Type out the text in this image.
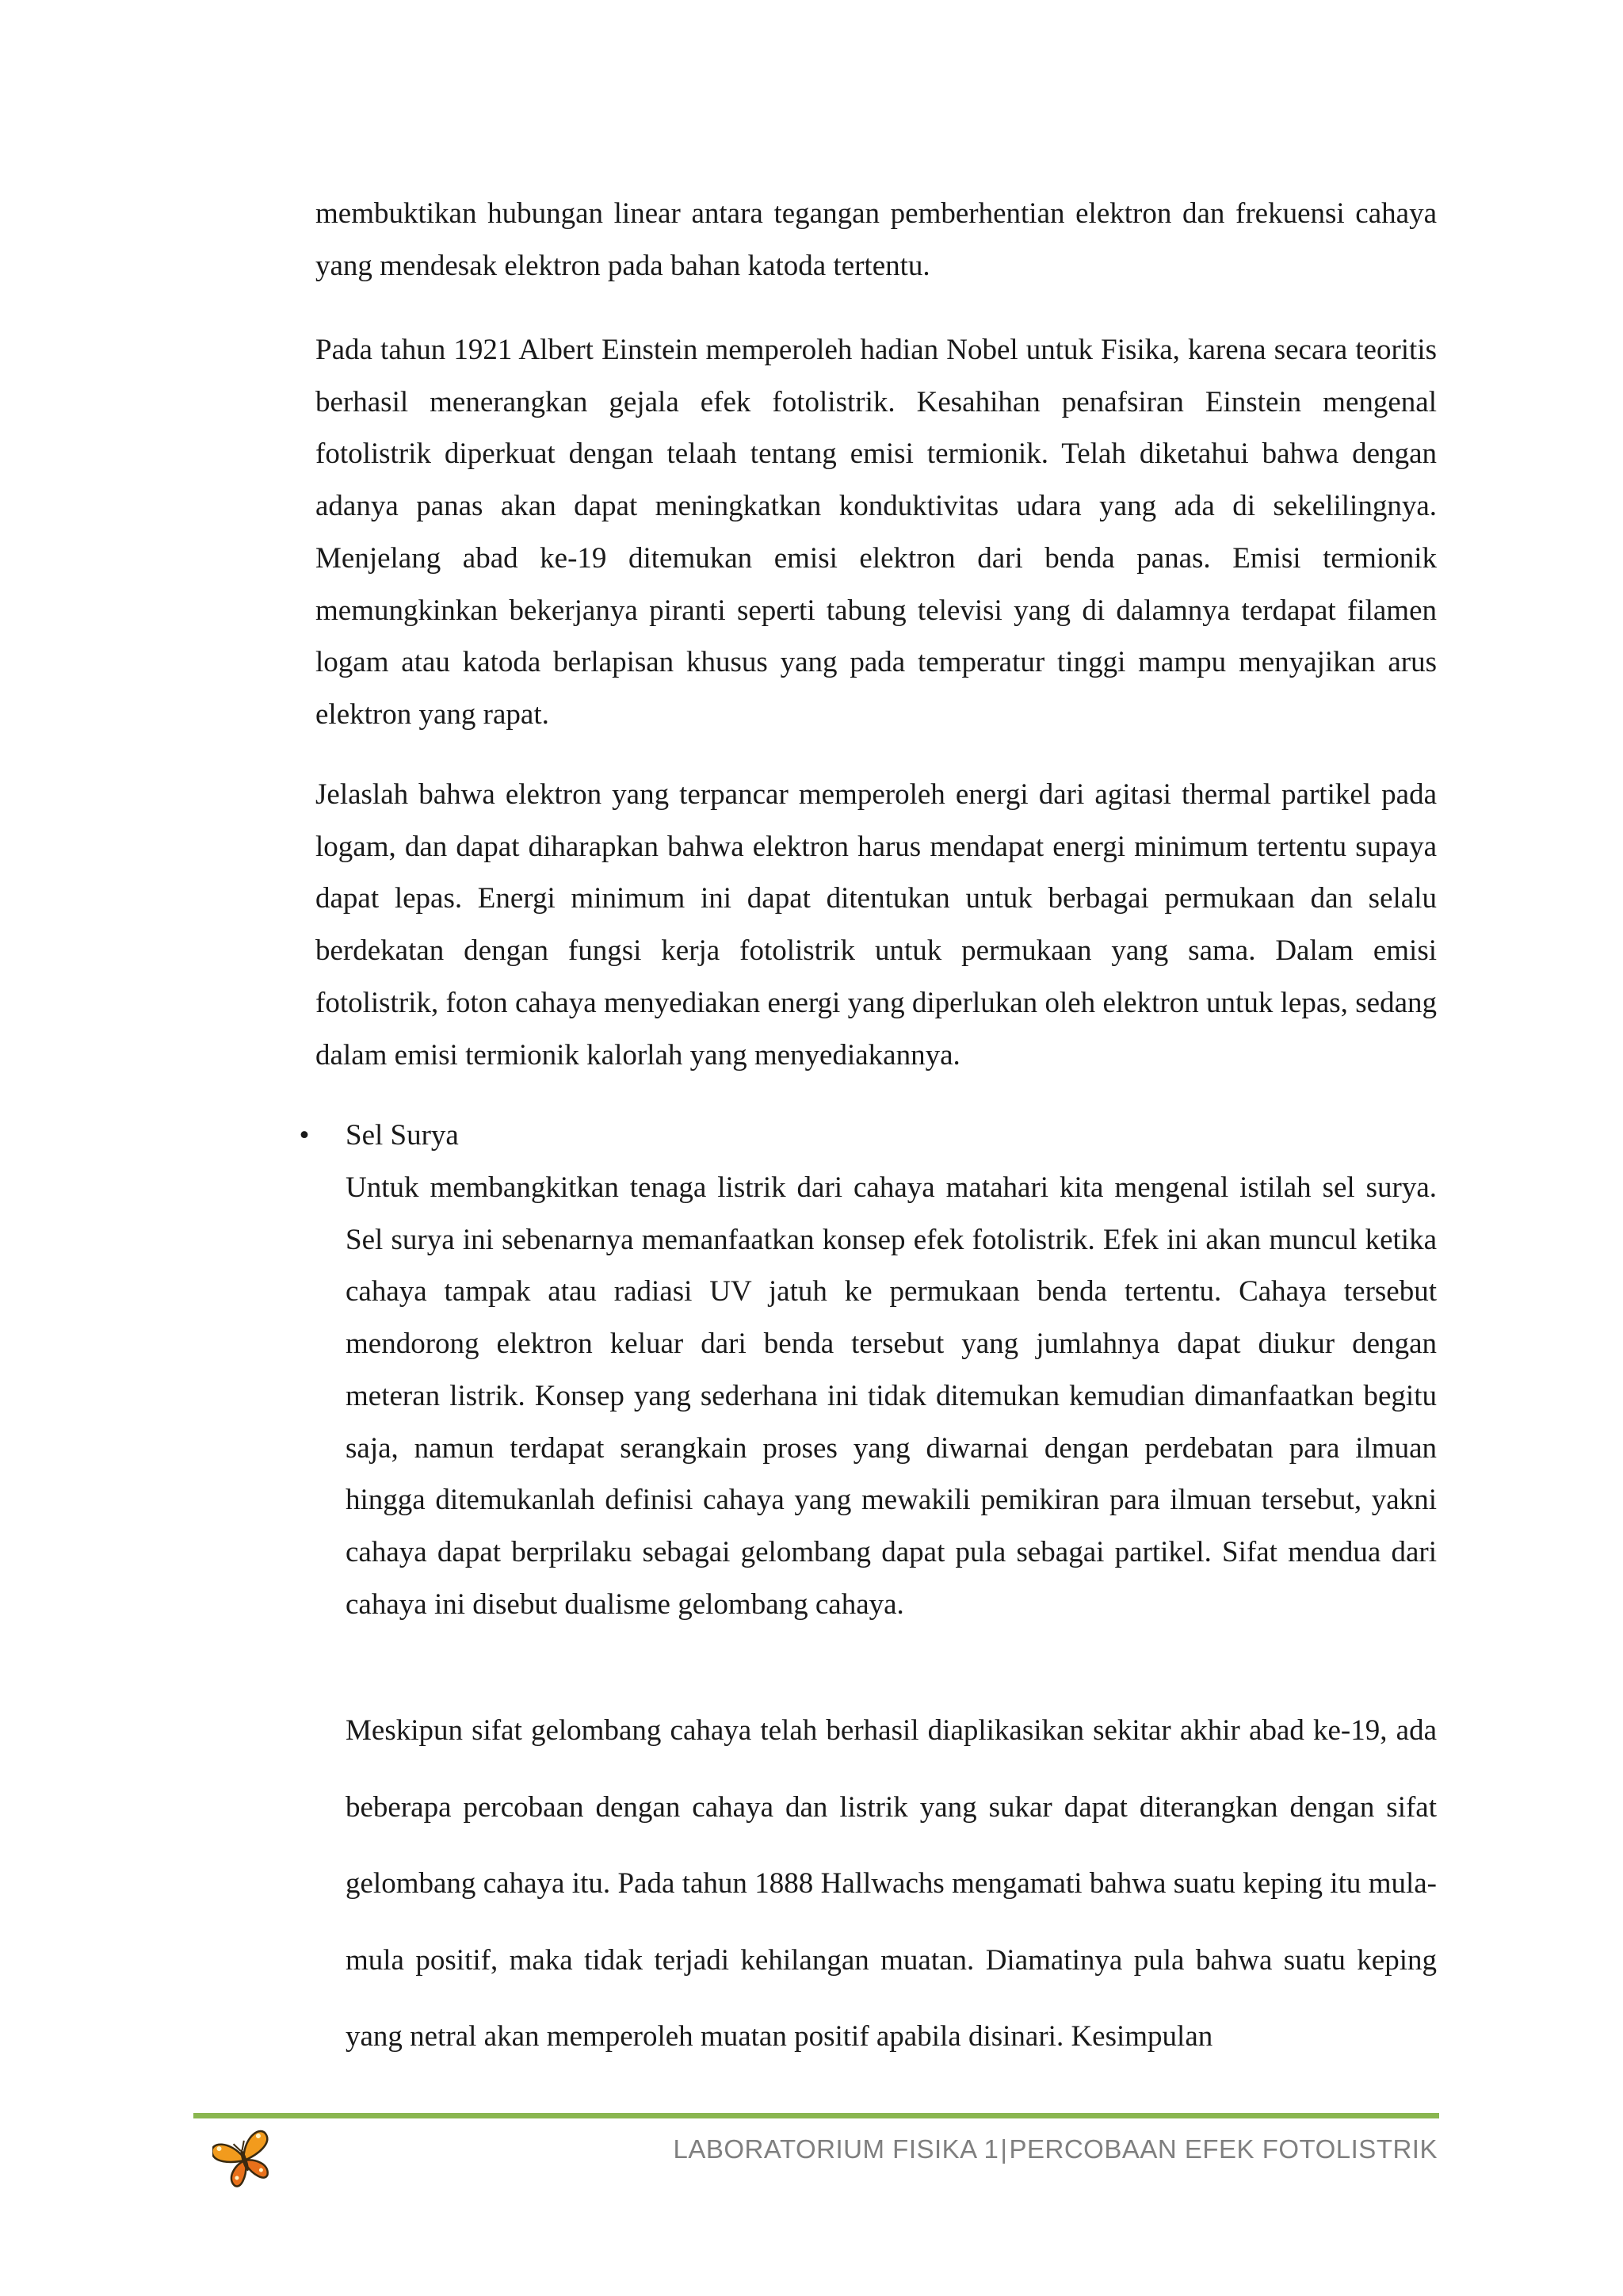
membuktikan hubungan linear antara tegangan pemberhentian elektron dan frekuensi cahaya yang mendesak elektron pada bahan katoda tertentu.

Pada tahun 1921 Albert Einstein memperoleh hadian Nobel untuk Fisika, karena secara teoritis berhasil menerangkan gejala efek fotolistrik. Kesahihan penafsiran Einstein mengenal fotolistrik diperkuat dengan telaah tentang emisi termionik. Telah diketahui bahwa dengan adanya panas akan dapat meningkatkan konduktivitas udara yang ada di sekelilingnya. Menjelang abad ke-19 ditemukan emisi elektron dari benda panas. Emisi termionik memungkinkan bekerjanya piranti seperti tabung televisi yang di dalamnya terdapat filamen logam atau katoda berlapisan khusus yang pada temperatur tinggi mampu menyajikan arus elektron yang rapat.

Jelaslah bahwa elektron yang terpancar memperoleh energi dari agitasi thermal partikel pada logam, dan dapat diharapkan bahwa elektron harus mendapat energi minimum tertentu supaya dapat lepas. Energi minimum ini dapat ditentukan untuk berbagai permukaan dan selalu berdekatan dengan fungsi kerja fotolistrik untuk permukaan yang sama. Dalam emisi fotolistrik, foton cahaya menyediakan energi yang diperlukan oleh elektron untuk lepas, sedang dalam emisi termionik kalorlah yang menyediakannya.

• Sel Surya

Untuk membangkitkan tenaga listrik dari cahaya matahari kita mengenal istilah sel surya. Sel surya ini sebenarnya memanfaatkan konsep efek fotolistrik. Efek ini akan muncul ketika cahaya tampak atau radiasi UV jatuh ke permukaan benda tertentu. Cahaya tersebut mendorong elektron keluar dari benda tersebut yang jumlahnya dapat diukur dengan meteran listrik. Konsep yang sederhana ini tidak ditemukan kemudian dimanfaatkan begitu saja, namun terdapat serangkain proses yang diwarnai dengan perdebatan para ilmuan hingga ditemukanlah definisi cahaya yang mewakili pemikiran para ilmuan tersebut, yakni cahaya dapat berprilaku sebagai gelombang dapat pula sebagai partikel. Sifat mendua dari cahaya ini disebut dualisme gelombang cahaya.

Meskipun sifat gelombang cahaya telah berhasil diaplikasikan sekitar akhir abad ke-19, ada beberapa percobaan dengan cahaya dan listrik yang sukar dapat diterangkan dengan sifat gelombang cahaya itu. Pada tahun 1888 Hallwachs mengamati bahwa suatu keping itu mula-mula positif, maka tidak terjadi kehilangan muatan. Diamatinya pula bahwa suatu keping yang netral akan memperoleh muatan positif apabila disinari. Kesimpulan

LABORATORIUM FISIKA 1|PERCOBAAN EFEK FOTOLISTRIK
